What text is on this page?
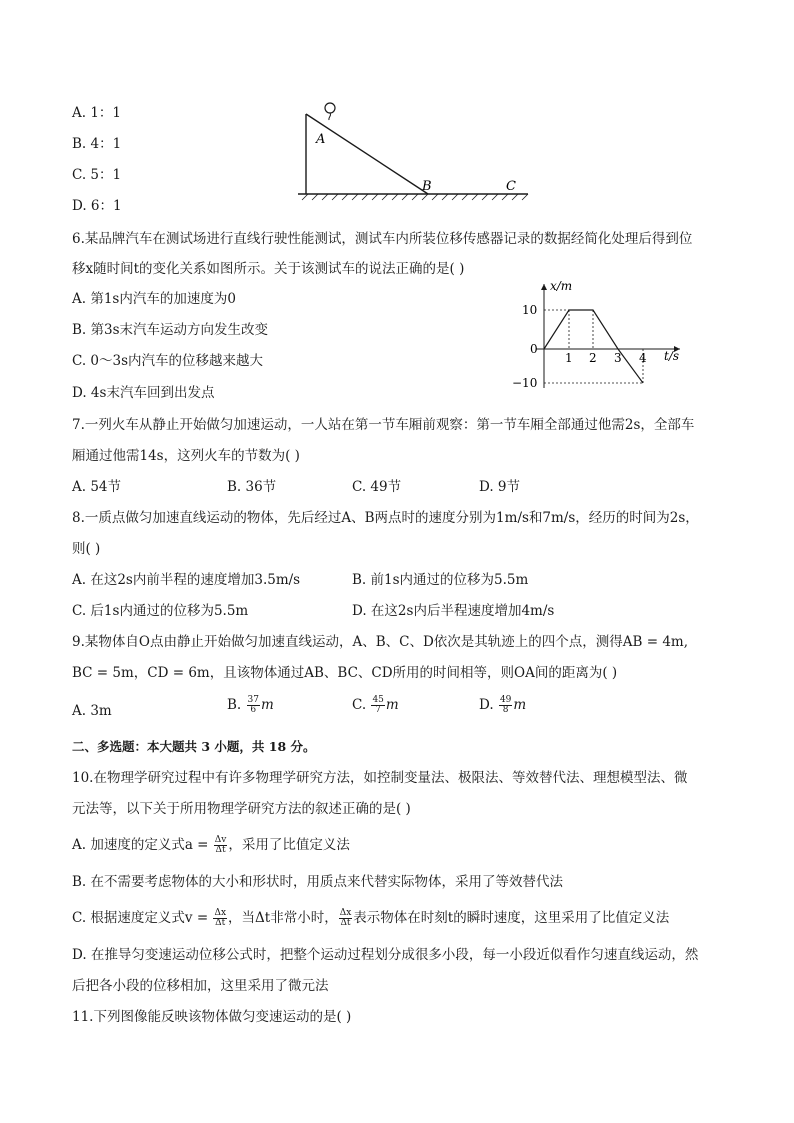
A. 1：1
B. 4：1
C. 5：1
D. 6：1
A
B	C
6.某品牌汽车在测试场进行直线行驶性能测试，测试车内所装位移传感器记录的数据经简化处理后得到位
移x随时间t的变化关系如图所示。关于该测试车的说法正确的是( )
A. 第1s内汽车的加速度为0
B. 第3s末汽车运动方向发生改变
C. 0～3s内汽车的位移越来越大
D. 4s末汽车回到出发点
x/m
t/s
10
0
−10
1 2 3 4
7.一列火车从静止开始做匀加速运动，一人站在第一节车厢前观察：第一节车厢全部通过他需2s，全部车
厢通过他需14s，这列火车的节数为( )
A. 54节	B. 36节	C. 49节	D. 9节
8.一质点做匀加速直线运动的物体，先后经过A、B两点时的速度分别为1m/s和7m/s，经历的时间为2s，
则( )
A. 在这2s内前半程的速度增加3.5m/s	B. 前1s内通过的位移为5.5m
C. 后1s内通过的位移为5.5m	D. 在这2s内后半程速度增加4m/s
9.某物体自O点由静止开始做匀加速直线运动，A、B、C、D依次是其轨迹上的四个点，测得AB = 4m,
BC = 5m，CD = 6m，且该物体通过AB、BC、CD所用的时间相等，则OA间的距离为( )
A. 3m	B. $\frac{37}{6}$ m	C. $\frac{45}{7}$ m	D. $\frac{49}{8}$ m
二、多选题：本大题共 3 小题，共 18 分。
10.在物理学研究过程中有许多物理学研究方法，如控制变量法、极限法、等效替代法、理想模型法、微
元法等，以下关于所用物理学研究方法的叙述正确的是( )
A. 加速度的定义式$a = \frac{\Delta v}{\Delta t}$ ，采用了比值定义法
B. 在不需要考虑物体的大小和形状时，用质点来代替实际物体，采用了等效替代法
C. 根据速度定义式$v = \frac{\Delta x}{\Delta t}$ ，当Δt非常小时， $\frac{\Delta x}{\Delta t}$ 表示物体在时刻t的瞬时速度，这里采用了比值定义法
D. 在推导匀变速运动位移公式时，把整个运动过程划分成很多小段，每一小段近似看作匀速直线运动，然
后把各小段的位移相加，这里采用了微元法
11.下列图像能反映该物体做匀变速运动的是( )
